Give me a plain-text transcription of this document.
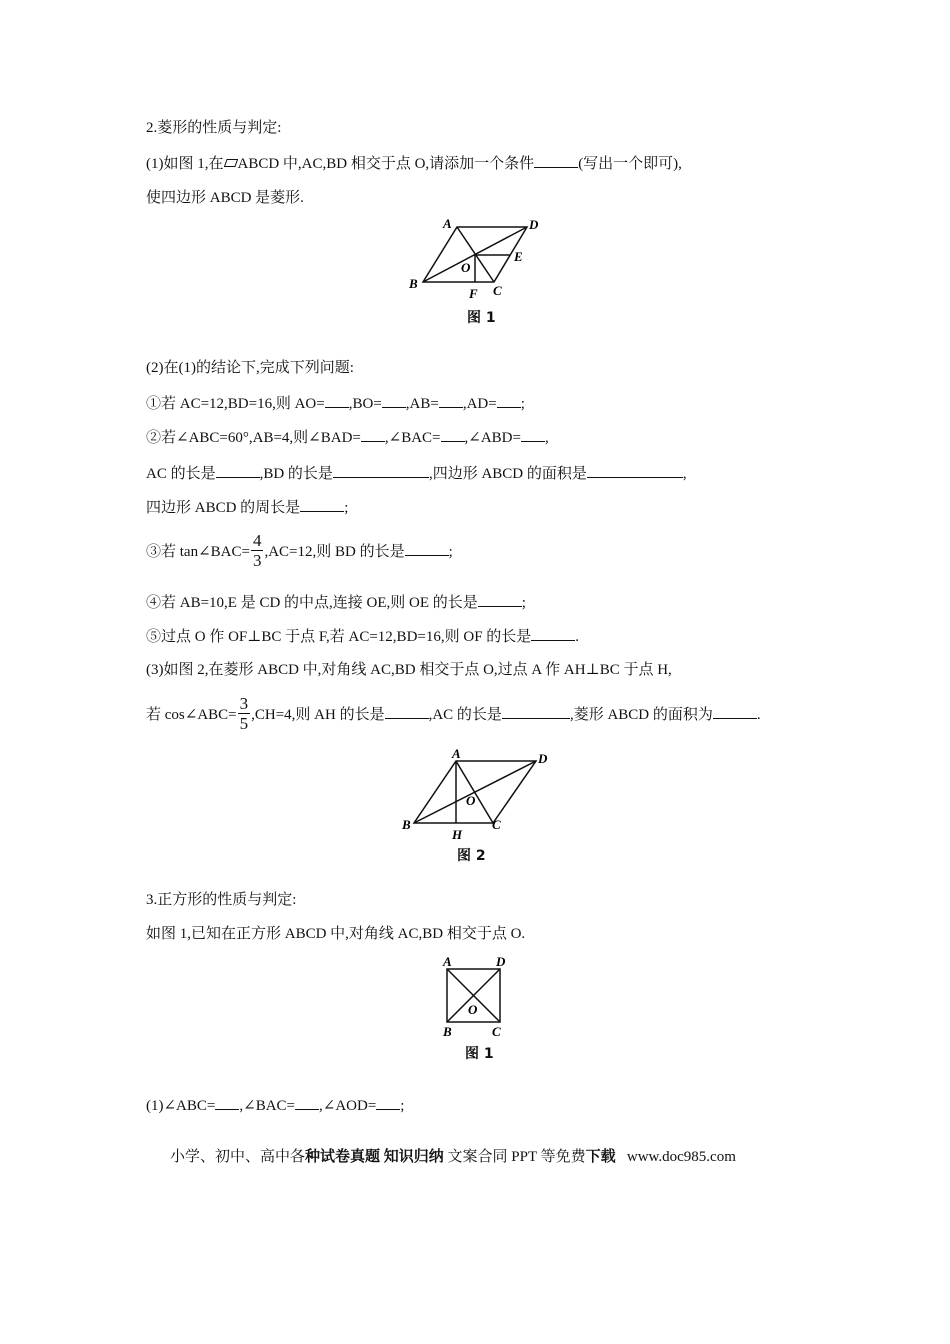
2.菱形的性质与判定:
(1)如图 1,在 ABCD 中,AC,BD 相交于点 O,请添加一个条件	(写出一个即可),
使四边形 ABCD 是菱形.
A	D
O
E
B
F C
图 1
(2)在(1)的结论下,完成下列问题:
①若 AC=12,BD=16,则 AO= ,BO= ,AB= ,AD= ;
②若∠ABC=60°,AB=4,则∠BAD= ,∠BAC= ,∠ABD= ,
AC 的长是	,BD 的长是	,四边形 ABCD 的面积是	,
四边形 ABCD 的周长是	;
③若 tan∠BAC= $\frac{4}{3} ,AC=12$,则 BD 的长是	;
④若 AB=10,E 是 CD 的中点,连接 OE,则 OE 的长是	;
⑤过点 O 作 OF⊥BC 于点 F,若 AC=12,BD=16,则 OF 的长是	.
(3)如图 2,在菱形 ABCD 中,对角线 AC,BD 相交于点 O,过点 A 作 AH⊥BC 于点 H,
若 cos∠ABC= $\frac{3}{5} ,CH=4$,则 AH 的长是	,AC 的长是	,菱形 ABCD 的面积为	.
A	D
O
B
H
C
图 2
3.正方形的性质与判定:
如图 1,已知在正方形 ABCD 中,对角线 AC,BD 相交于点 O.
A	D
O
B	C
图 1
(1)∠ABC= ,∠BAC= ,∠AOD= ;
小学、初中、高中各种试卷真题 知识归纳 文案合同 PPT 等免费下载   www.doc985.com
